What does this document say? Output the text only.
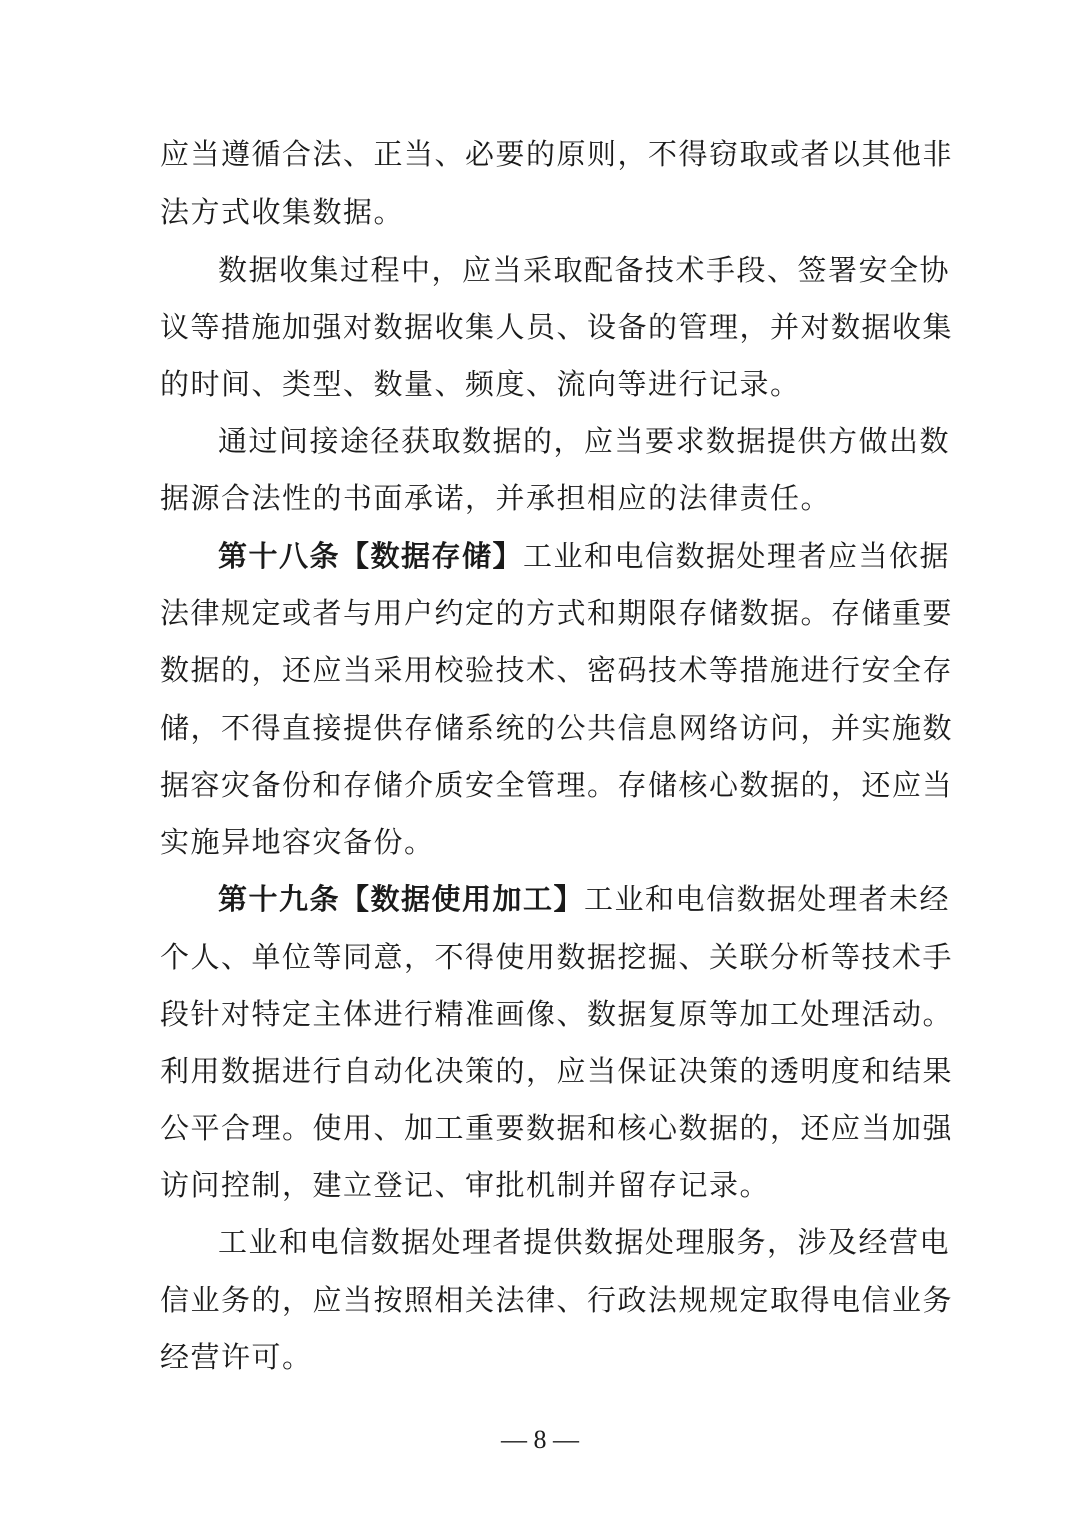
应当遵循合法、正当、必要的原则，不得窃取或者以其他非
法方式收集数据。
数据收集过程中，应当采取配备技术手段、签署安全协
议等措施加强对数据收集人员、设备的管理，并对数据收集
的时间、类型、数量、频度、流向等进行记录。
通过间接途径获取数据的，应当要求数据提供方做出数
据源合法性的书面承诺，并承担相应的法律责任。
第十八条【数据存储】工业和电信数据处理者应当依据
法律规定或者与用户约定的方式和期限存储数据。存储重要
数据的，还应当采用校验技术、密码技术等措施进行安全存
储，不得直接提供存储系统的公共信息网络访问，并实施数
据容灾备份和存储介质安全管理。存储核心数据的，还应当
实施异地容灾备份。
第十九条【数据使用加工】工业和电信数据处理者未经
个人、单位等同意，不得使用数据挖掘、关联分析等技术手
段针对特定主体进行精准画像、数据复原等加工处理活动。
利用数据进行自动化决策的，应当保证决策的透明度和结果
公平合理。使用、加工重要数据和核心数据的，还应当加强
访问控制，建立登记、审批机制并留存记录。
工业和电信数据处理者提供数据处理服务，涉及经营电
信业务的，应当按照相关法律、行政法规规定取得电信业务
经营许可。
— 8 —
